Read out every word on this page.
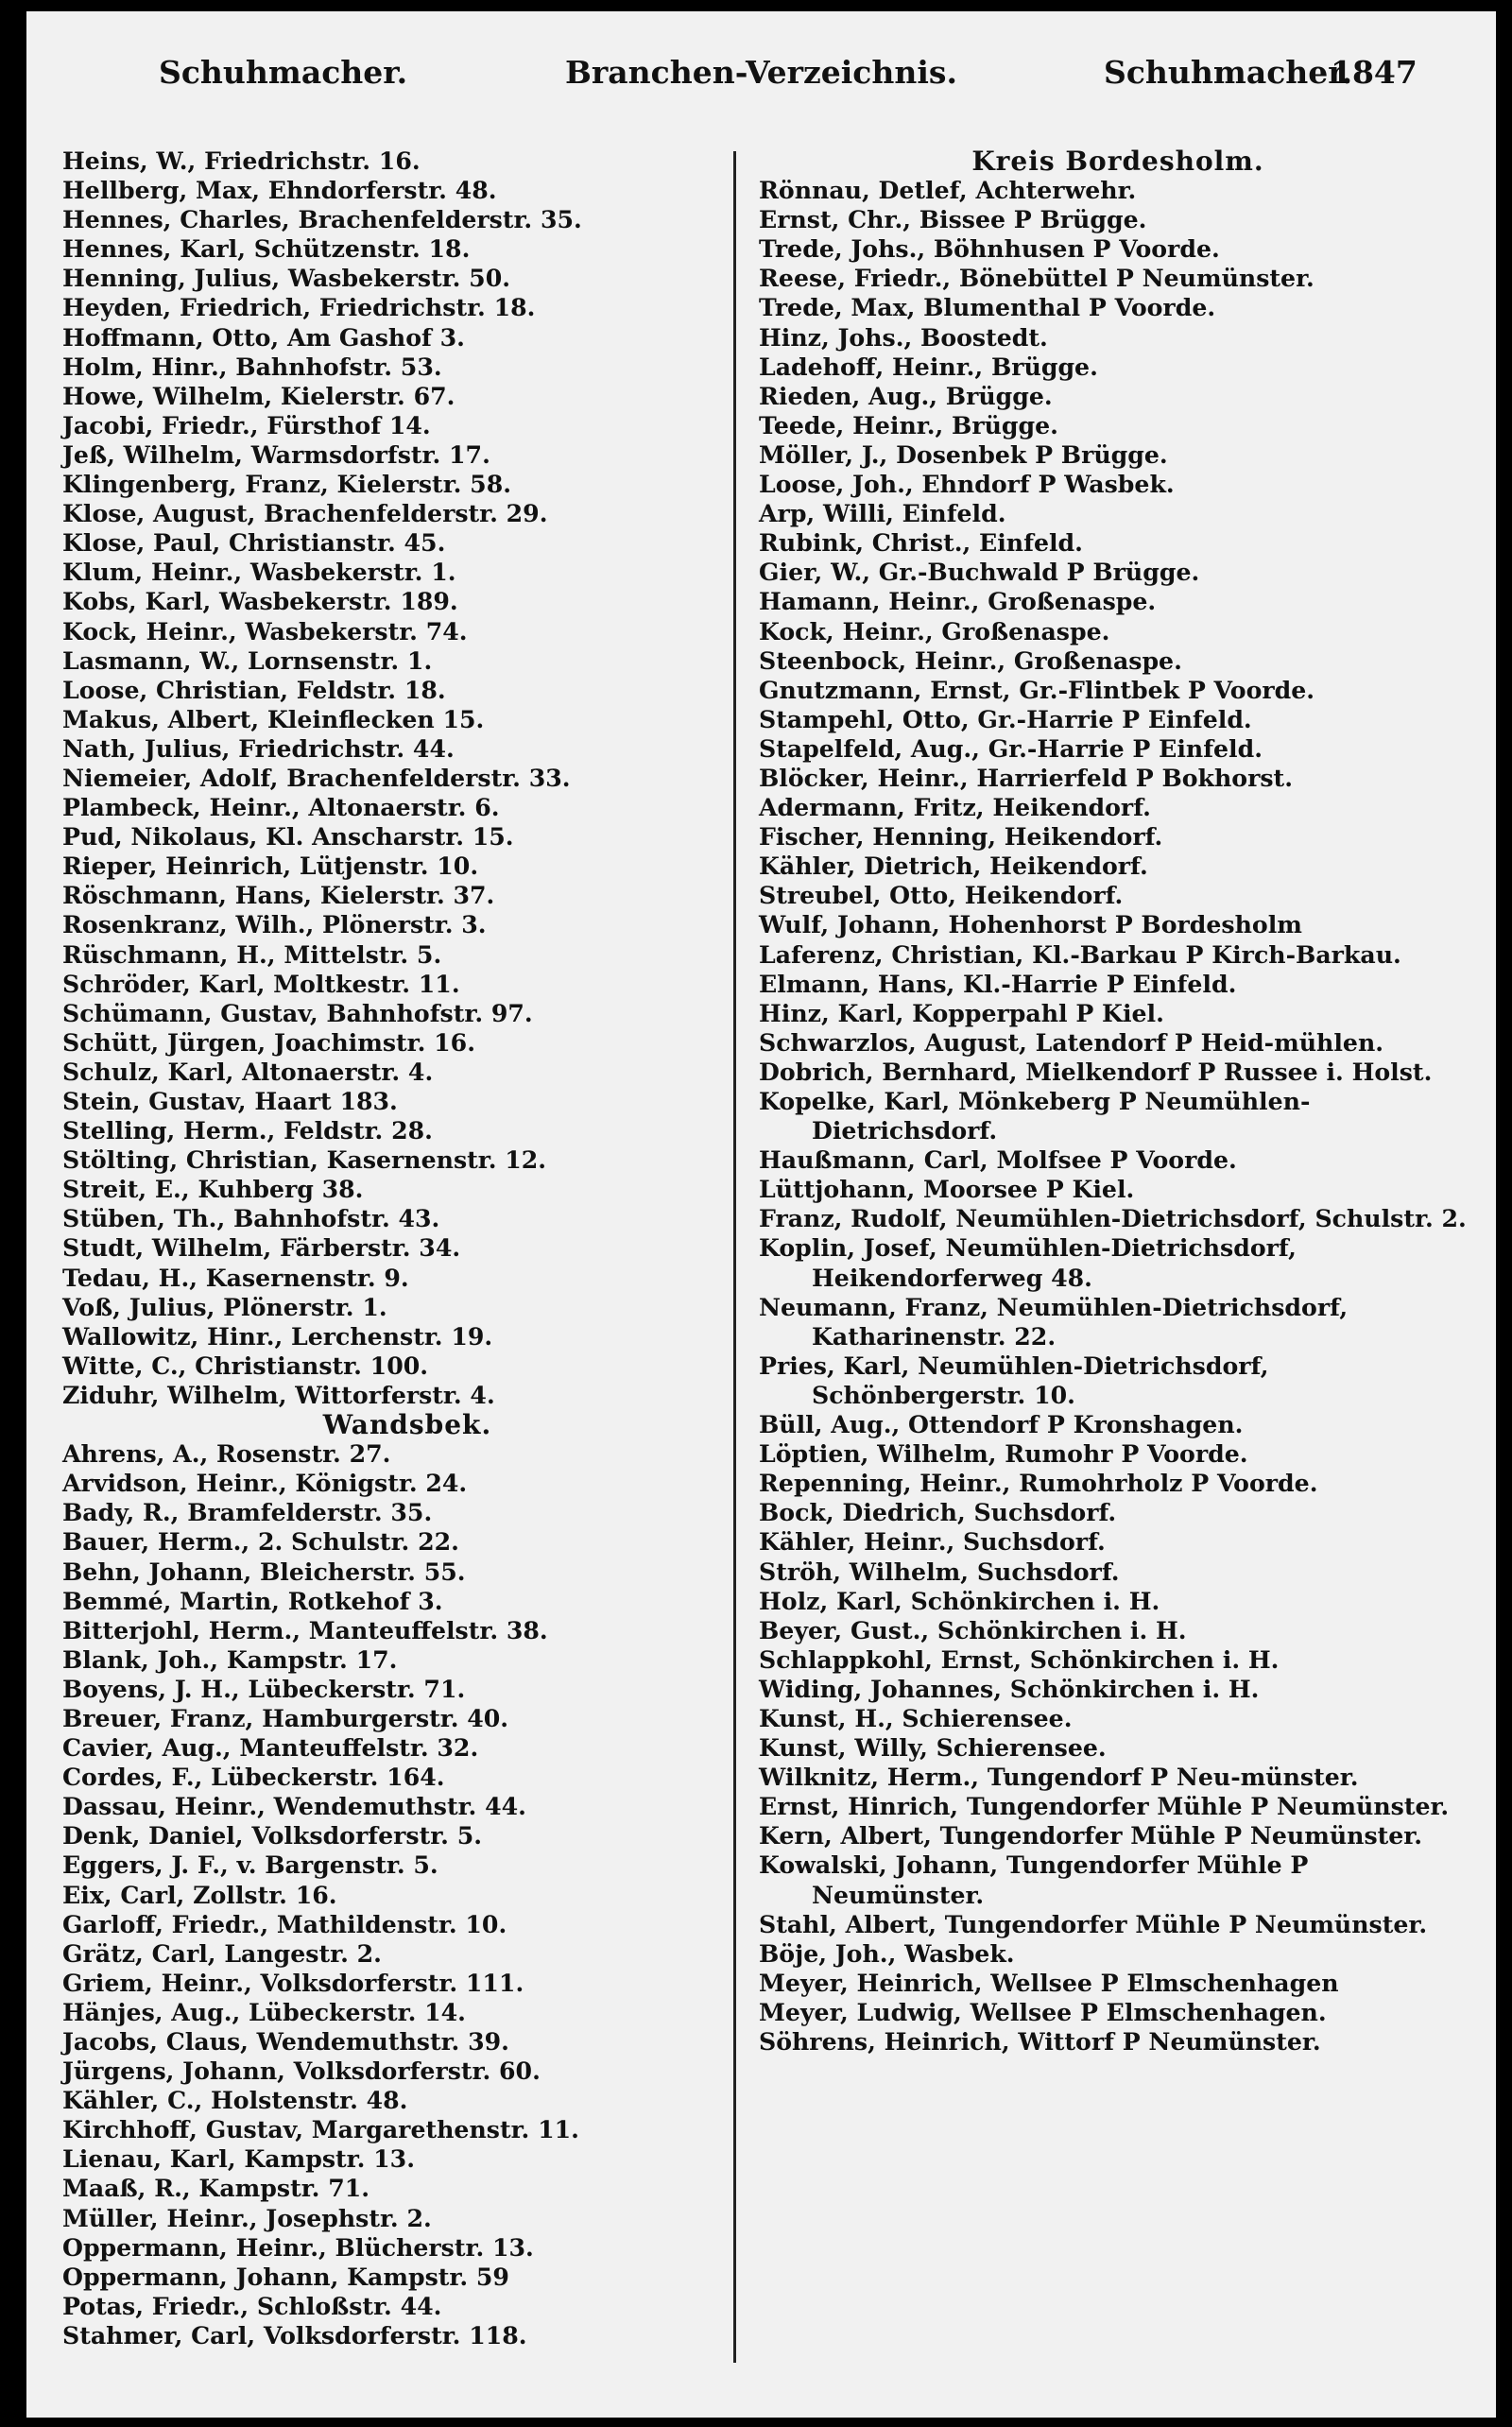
Schuhmacher.	Branchen-Verzeichnis.	Schuhmacher.
1847
Heins, W., Friedrichstr. 16.
Hellberg, Max, Ehndorferstr. 48.
Hennes, Charles, Brachenfelderstr. 35.
Hennes, Karl, Schützenstr. 18.
Henning, Julius, Wasbekerstr. 50.
Heyden, Friedrich, Friedrichstr. 18.
Hoffmann, Otto, Am Gashof 3.
Holm, Hinr., Bahnhofstr. 53.
Howe, Wilhelm, Kielerstr. 67.
Jacobi, Friedr., Fürsthof 14.
Jeß, Wilhelm, Warmsdorfstr. 17.
Klingenberg, Franz, Kielerstr. 58.
Klose, August, Brachenfelderstr. 29.
Klose, Paul, Christianstr. 45.
Klum, Heinr., Wasbekerstr. 1.
Kobs, Karl, Wasbekerstr. 189.
Kock, Heinr., Wasbekerstr. 74.
Lasmann, W., Lornsenstr. 1.
Loose, Christian, Feldstr. 18.
Makus, Albert, Kleinflecken 15.
Nath, Julius, Friedrichstr. 44.
Niemeier, Adolf, Brachenfelderstr. 33.
Plambeck, Heinr., Altonaerstr. 6.
Pud, Nikolaus, Kl. Anscharstr. 15.
Rieper, Heinrich, Lütjenstr. 10.
Röschmann, Hans, Kielerstr. 37.
Rosenkranz, Wilh., Plönerstr. 3.
Rüschmann, H., Mittelstr. 5.
Schröder, Karl, Moltkestr. 11.
Schümann, Gustav, Bahnhofstr. 97.
Schütt, Jürgen, Joachimstr. 16.
Schulz, Karl, Altonaerstr. 4.
Stein, Gustav, Haart 183.
Stelling, Herm., Feldstr. 28.
Stölting, Christian, Kasernenstr. 12.
Streit, E., Kuhberg 38.
Stüben, Th., Bahnhofstr. 43.
Studt, Wilhelm, Färberstr. 34.
Tedau, H., Kasernenstr. 9.
Voß, Julius, Plönerstr. 1.
Wallowitz, Hinr., Lerchenstr. 19.
Witte, C., Christianstr. 100.
Ziduhr, Wilhelm, Wittorferstr. 4.
Wandsbek.
Ahrens, A., Rosenstr. 27.
Arvidson, Heinr., Königstr. 24.
Bady, R., Bramfelderstr. 35.
Bauer, Herm., 2. Schulstr. 22.
Behn, Johann, Bleicherstr. 55.
Bemmé, Martin, Rotkehof 3.
Bitterjohl, Herm., Manteuffelstr. 38.
Blank, Joh., Kampstr. 17.
Boyens, J. H., Lübeckerstr. 71.
Breuer, Franz, Hamburgerstr. 40.
Cavier, Aug., Manteuffelstr. 32.
Cordes, F., Lübeckerstr. 164.
Dassau, Heinr., Wendemuthstr. 44.
Denk, Daniel, Volksdorferstr. 5.
Eggers, J. F., v. Bargenstr. 5.
Eix, Carl, Zollstr. 16.
Garloff, Friedr., Mathildenstr. 10.
Grätz, Carl, Langestr. 2.
Griem, Heinr., Volksdorferstr. 111.
Hänjes, Aug., Lübeckerstr. 14.
Jacobs, Claus, Wendemuthstr. 39.
Jürgens, Johann, Volksdorferstr. 60.
Kähler, C., Holstenstr. 48.
Kirchhoff, Gustav, Margarethenstr. 11.
Lienau, Karl, Kampstr. 13.
Maaß, R., Kampstr. 71.
Müller, Heinr., Josephstr. 2.
Oppermann, Heinr., Blücherstr. 13.
Oppermann, Johann, Kampstr. 59
Potas, Friedr., Schloßstr. 44.
Stahmer, Carl, Volksdorferstr. 118.
Kreis Bordesholm.
Rönnau, Detlef, Achterwehr.
Ernst, Chr., Bissee P Brügge.
Trede, Johs., Böhnhusen P Voorde.
Reese, Friedr., Bönebüttel P Neumünster.
Trede, Max, Blumenthal P Voorde.
Hinz, Johs., Boostedt.
Ladehoff, Heinr., Brügge.
Rieden, Aug., Brügge.
Teede, Heinr., Brügge.
Möller, J., Dosenbek P Brügge.
Loose, Joh., Ehndorf P Wasbek.
Arp, Willi, Einfeld.
Rubink, Christ., Einfeld.
Gier, W., Gr.-Buchwald P Brügge.
Hamann, Heinr., Großenaspe.
Kock, Heinr., Großenaspe.
Steenbock, Heinr., Großenaspe.
Gnutzmann, Ernst, Gr.-Flintbek P Voorde.
Stampehl, Otto, Gr.-Harrie P Einfeld.
Stapelfeld, Aug., Gr.-Harrie P Einfeld.
Blöcker, Heinr., Harrierfeld P Bokhorst.
Adermann, Fritz, Heikendorf.
Fischer, Henning, Heikendorf.
Kähler, Dietrich, Heikendorf.
Streubel, Otto, Heikendorf.
Wulf, Johann, Hohenhorst P Bordesholm
Laferenz, Christian, Kl.-Barkau P Kirch-Barkau.
Elmann, Hans, Kl.-Harrie P Einfeld.
Hinz, Karl, Kopperpahl P Kiel.
Schwarzlos, August, Latendorf P Heid-mühlen.
Dobrich, Bernhard, Mielkendorf P Russee i. Holst.
Kopelke, Karl, Mönkeberg P Neumühlen-Dietrichsdorf.
Haußmann, Carl, Molfsee P Voorde.
Lüttjohann, Moorsee P Kiel.
Franz, Rudolf, Neumühlen-Dietrichsdorf, Schulstr. 2.
Koplin, Josef, Neumühlen-Dietrichsdorf, Heikendorferweg 48.
Neumann, Franz, Neumühlen-Dietrichsdorf, Katharinenstr. 22.
Pries, Karl, Neumühlen-Dietrichsdorf, Schönbergerstr. 10.
Büll, Aug., Ottendorf P Kronshagen.
Löptien, Wilhelm, Rumohr P Voorde.
Repenning, Heinr., Rumohrholz P Voorde.
Bock, Diedrich, Suchsdorf.
Kähler, Heinr., Suchsdorf.
Ströh, Wilhelm, Suchsdorf.
Holz, Karl, Schönkirchen i. H.
Beyer, Gust., Schönkirchen i. H.
Schlappkohl, Ernst, Schönkirchen i. H.
Widing, Johannes, Schönkirchen i. H.
Kunst, H., Schierensee.
Kunst, Willy, Schierensee.
Wilknitz, Herm., Tungendorf P Neu-münster.
Ernst, Hinrich, Tungendorfer Mühle P Neumünster.
Kern, Albert, Tungendorfer Mühle P Neumünster.
Kowalski, Johann, Tungendorfer Mühle P Neumünster.
Stahl, Albert, Tungendorfer Mühle P Neumünster.
Böje, Joh., Wasbek.
Meyer, Heinrich, Wellsee P Elmschenhagen
Meyer, Ludwig, Wellsee P Elmschenhagen.
Söhrens, Heinrich, Wittorf P Neumünster.
